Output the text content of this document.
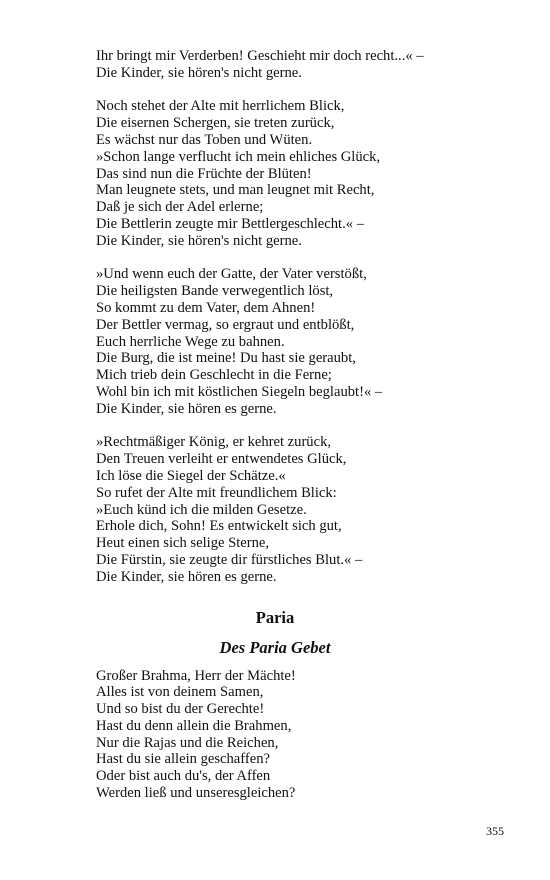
Ihr bringt mir Verderben! Geschieht mir doch recht...« –
Die Kinder, sie hören's nicht gerne.
Noch stehet der Alte mit herrlichem Blick,
Die eisernen Schergen, sie treten zurück,
Es wächst nur das Toben und Wüten.
»Schon lange verflucht ich mein ehliches Glück,
Das sind nun die Früchte der Blüten!
Man leugnete stets, und man leugnet mit Recht,
Daß je sich der Adel erlerne;
Die Bettlerin zeugte mir Bettlergeschlecht.« –
Die Kinder, sie hören's nicht gerne.
»Und wenn euch der Gatte, der Vater verstößt,
Die heiligsten Bande verwegentlich löst,
So kommt zu dem Vater, dem Ahnen!
Der Bettler vermag, so ergraut und entblößt,
Euch herrliche Wege zu bahnen.
Die Burg, die ist meine! Du hast sie geraubt,
Mich trieb dein Geschlecht in die Ferne;
Wohl bin ich mit köstlichen Siegeln beglaubt!« –
Die Kinder, sie hören es gerne.
»Rechtmäßiger König, er kehret zurück,
Den Treuen verleiht er entwendetes Glück,
Ich löse die Siegel der Schätze.«
So rufet der Alte mit freundlichem Blick:
»Euch künd ich die milden Gesetze.
Erhole dich, Sohn! Es entwickelt sich gut,
Heut einen sich selige Sterne,
Die Fürstin, sie zeugte dir fürstliches Blut.« –
Die Kinder, sie hören es gerne.
Paria
Des Paria Gebet
Großer Brahma, Herr der Mächte!
Alles ist von deinem Samen,
Und so bist du der Gerechte!
Hast du denn allein die Brahmen,
Nur die Rajas und die Reichen,
Hast du sie allein geschaffen?
Oder bist auch du's, der Affen
Werden ließ und unseresgleichen?
355
